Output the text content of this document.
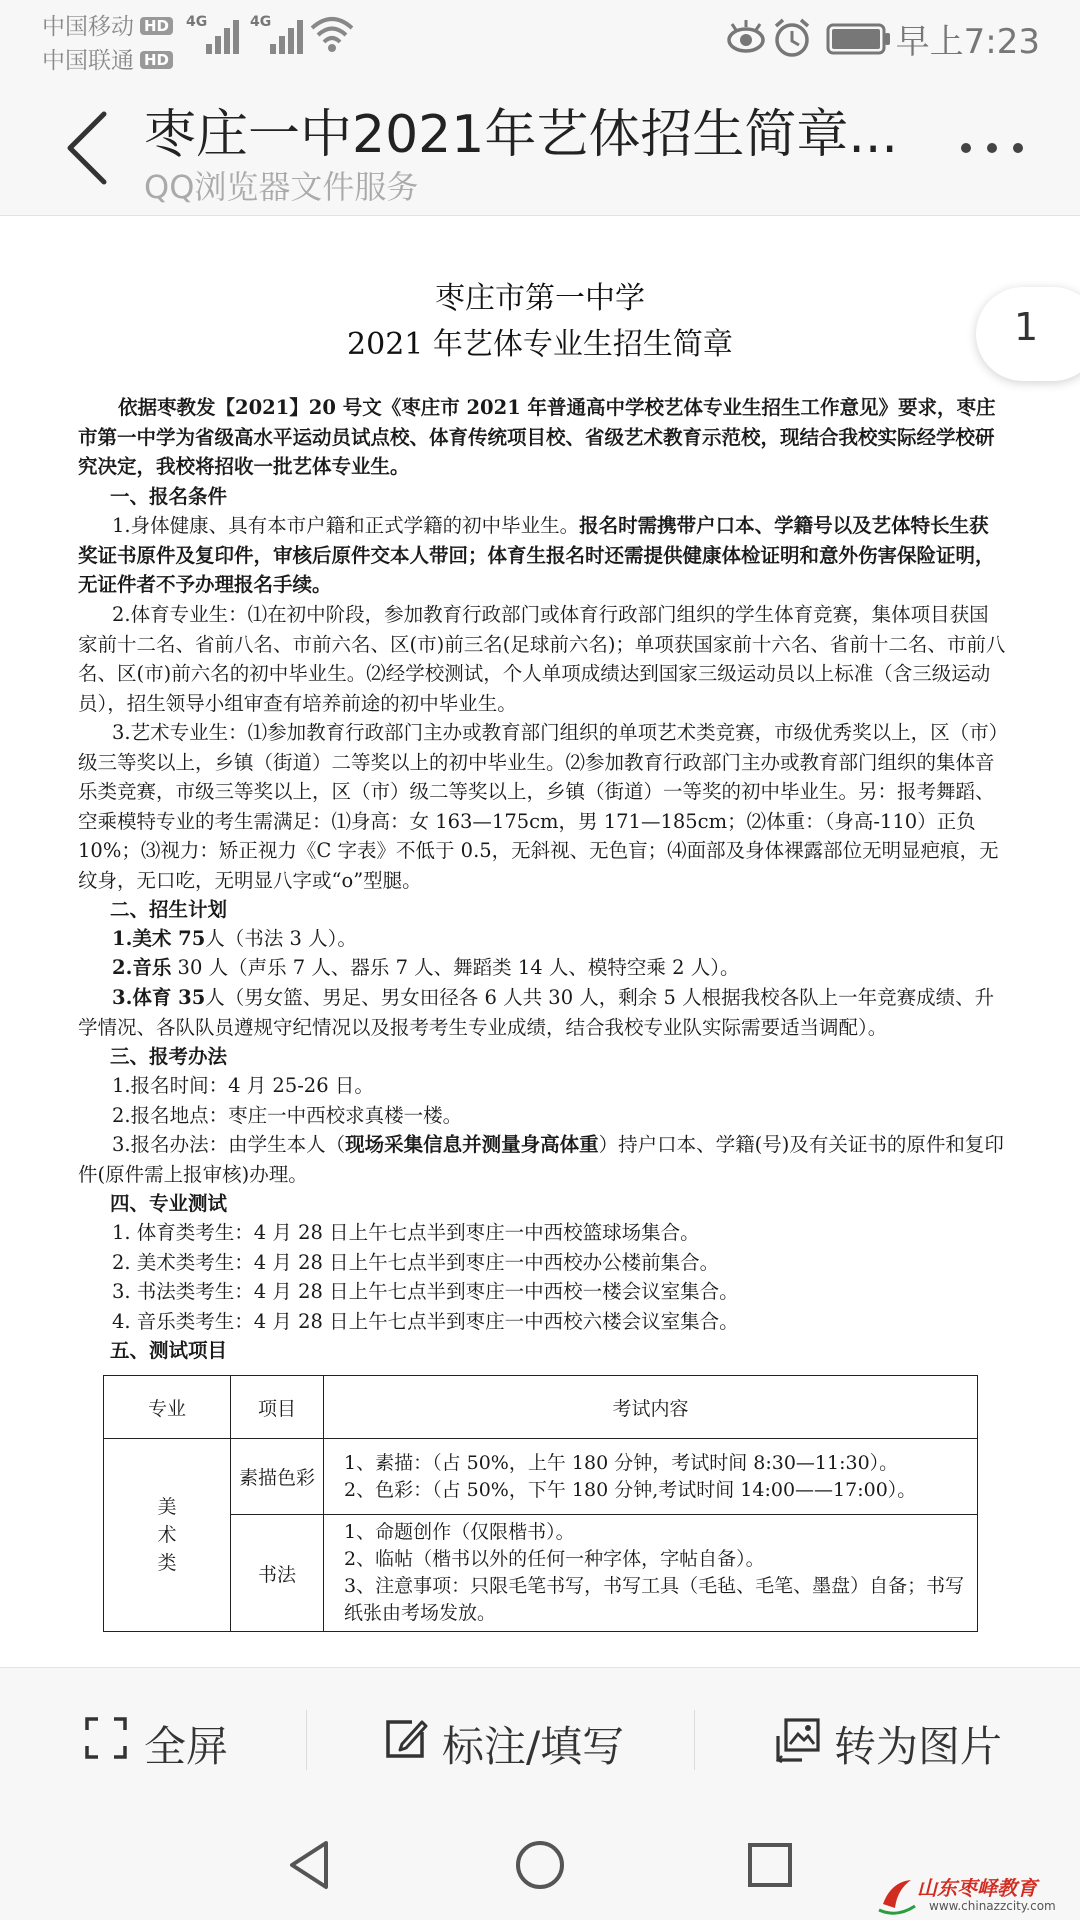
中国移动 HD
中国联通 HD
4G	4G	早上7:23
枣庄一中2021年艺体招生简章...
QQ浏览器文件服务
枣庄市第一中学
2021 年艺体专业生招生简章	1
依据枣教发【2021】20 号文《枣庄市 2021 年普通高中学校艺体专业生招生工作意见》要求，枣庄市第一中学为省级高水平运动员试点校、体育传统项目校、省级艺术教育示范校，现结合我校实际经学校研究决定，我校将招收一批艺体专业生。
一、报名条件
1.身体健康、具有本市户籍和正式学籍的初中毕业生。报名时需携带户口本、学籍号以及艺体特长生获奖证书原件及复印件，审核后原件交本人带回；体育生报名时还需提供健康体检证明和意外伤害保险证明，无证件者不予办理报名手续。
2.体育专业生：⑴在初中阶段，参加教育行政部门或体育行政部门组织的学生体育竞赛，集体项目获国家前十二名、省前八名、市前六名、区(市)前三名(足球前六名)；单项获国家前十六名、省前十二名、市前八名、区(市)前六名的初中毕业生。⑵经学校测试，个人单项成绩达到国家三级运动员以上标准（含三级运动员），招生领导小组审查有培养前途的初中毕业生。
3.艺术专业生：⑴参加教育行政部门主办或教育部门组织的单项艺术类竞赛，市级优秀奖以上，区（市）级三等奖以上，乡镇（街道）二等奖以上的初中毕业生。⑵参加教育行政部门主办或教育部门组织的集体音乐类竞赛，市级三等奖以上，区（市）级二等奖以上，乡镇（街道）一等奖的初中毕业生。另：报考舞蹈、空乘模特专业的考生需满足：⑴身高：女 163—175cm，男 171—185cm；⑵体重：（身高-110）正负 10%；⑶视力：矫正视力《C 字表》不低于 0.5，无斜视、无色盲；⑷面部及身体裸露部位无明显疤痕，无纹身，无口吃，无明显八字或“o”型腿。
二、招生计划
1.美术 75人（书法 3 人）。
2.音乐 30 人（声乐 7 人、器乐 7 人、舞蹈类 14 人、模特空乘 2 人）。
3.体育 35人（男女篮、男足、男女田径各 6 人共 30 人，剩余 5 人根据我校各队上一年竞赛成绩、升学情况、各队队员遵规守纪情况以及报考考生专业成绩，结合我校专业队实际需要适当调配）。
三、报考办法
1.报名时间：4 月 25-26 日。
2.报名地点：枣庄一中西校求真楼一楼。
3.报名办法：由学生本人（现场采集信息并测量身高体重）持户口本、学籍(号)及有关证书的原件和复印件(原件需上报审核)办理。
四、专业测试
1. 体育类考生：4 月 28 日上午七点半到枣庄一中西校篮球场集合。
2. 美术类考生：4 月 28 日上午七点半到枣庄一中西校办公楼前集合。
3. 书法类考生：4 月 28 日上午七点半到枣庄一中西校一楼会议室集合。
4. 音乐类考生：4 月 28 日上午七点半到枣庄一中西校六楼会议室集合。
五、测试项目
专业	项目	考试内容
美术类	素描色彩	1、素描：（占 50%，上午 180 分钟，考试时间 8:30—11:30）。
2、色彩：（占 50%，下午 180 分钟,考试时间 14:00——17:00）。

	书法	1、命题创作（仅限楷书）。
2、临帖（楷书以外的任何一种字体，字帖自备）。
3、注意事项：只限毛笔书写，书写工具（毛毡、毛笔、墨盘）自备；书写纸张由考场发放。
全屏	标注/填写	转为图片
山东枣峄教育
www.chinazzcity.com
